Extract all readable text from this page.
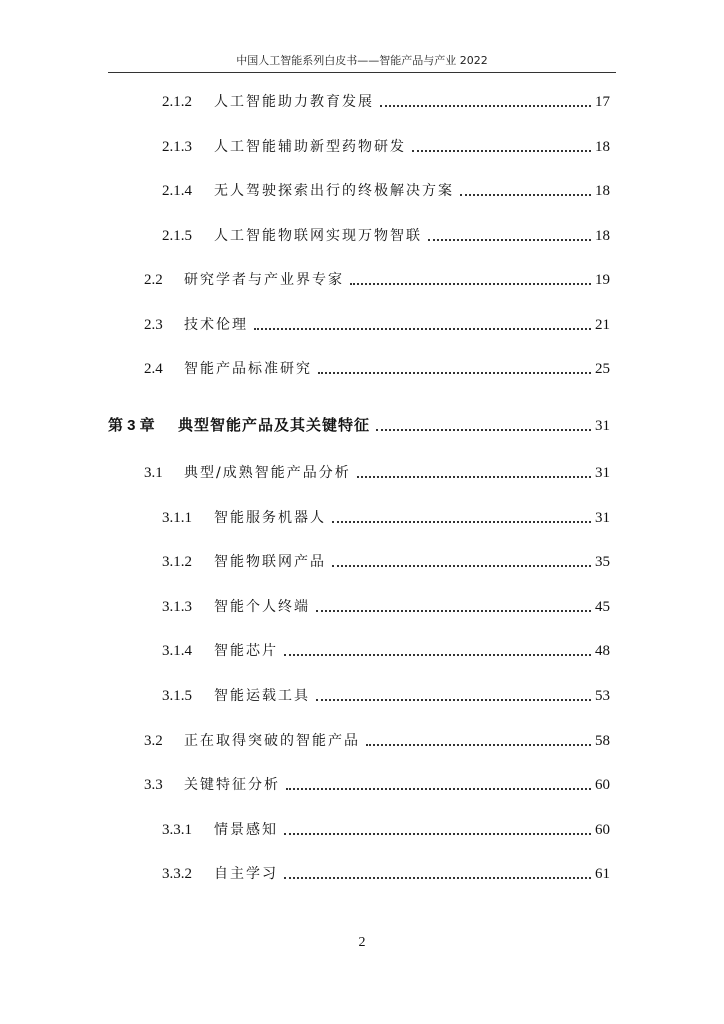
中国人工智能系列白皮书——智能产品与产业 2022
2.1.2	人工智能助力教育发展	17
2.1.3	人工智能辅助新型药物研发	18
2.1.4	无人驾驶探索出行的终极解决方案	18
2.1.5	人工智能物联网实现万物智联	18
2.2	研究学者与产业界专家	19
2.3	技术伦理	21
2.4	智能产品标准研究	25
第 3 章	典型智能产品及其关键特征	31
3.1	典型/成熟智能产品分析	31
3.1.1	智能服务机器人	31
3.1.2	智能物联网产品	35
3.1.3	智能个人终端	45
3.1.4	智能芯片	48
3.1.5	智能运载工具	53
3.2	正在取得突破的智能产品	58
3.3	关键特征分析	60
3.3.1	情景感知	60
3.3.2	自主学习	61
2
